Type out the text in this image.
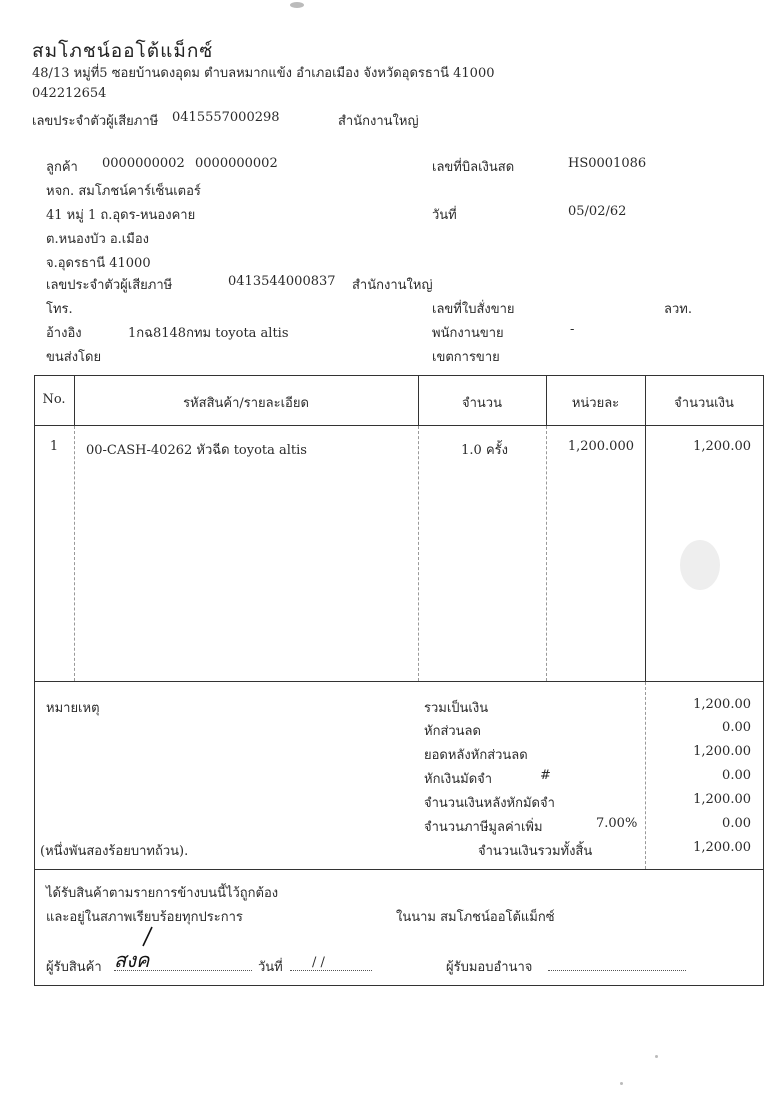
สมโภชน์ออโต้แม็กซ์
48/13 หมู่ที่5 ซอยบ้านดงอุดม ตำบลหมากแข้ง อำเภอเมือง จังหวัดอุดรธานี 41000
042212654
เลขประจำตัวผู้เสียภาษี 0415557000298	สำนักงานใหญ่
ลูกค้า 0000000002 0000000002
หจก. สมโภชน์คาร์เซ็นเตอร์
41 หมู่ 1 ถ.อุดร-หนองคาย
ต.หนองบัว อ.เมือง
จ.อุดรธานี 41000
เลขประจำตัวผู้เสียภาษี	0413544000837 สำนักงานใหญ่
โทร.
อ้างอิง	1กฉ8148กทม toyota altis
ขนส่งโดย
เลขที่บิลเงินสด	HS0001086
วันที่	05/02/62
เลขที่ใบสั่งขาย	ลวท.
พนักงานขาย	-
เขตการขาย
No.	รหัสสินค้า/รายละเอียด	จำนวน	หน่วยละ	จำนวนเงิน
1	00-CASH-40262 หัวฉีด toyota altis	1.0 ครั้ง	1,200.000	1,200.00
หมายเหตุ
(หนึ่งพันสองร้อยบาทถ้วน).
รวมเป็นเงิน	1,200.00
หักส่วนลด	0.00
ยอดหลังหักส่วนลด	1,200.00
หักเงินมัดจำ	#	0.00
จำนวนเงินหลังหักมัดจำ	1,200.00
จำนวนภาษีมูลค่าเพิ่ม	7.00%	0.00
จำนวนเงินรวมทั้งสิ้น	1,200.00
ได้รับสินค้าตามรายการข้างบนนี้ไว้ถูกต้อง
และอยู่ในสภาพเรียบร้อยทุกประการ	ในนาม สมโภชน์ออโต้แม็กซ์
ผู้รับสินค้า สงค	วันที่ / /	ผู้รับมอบอำนาจ
